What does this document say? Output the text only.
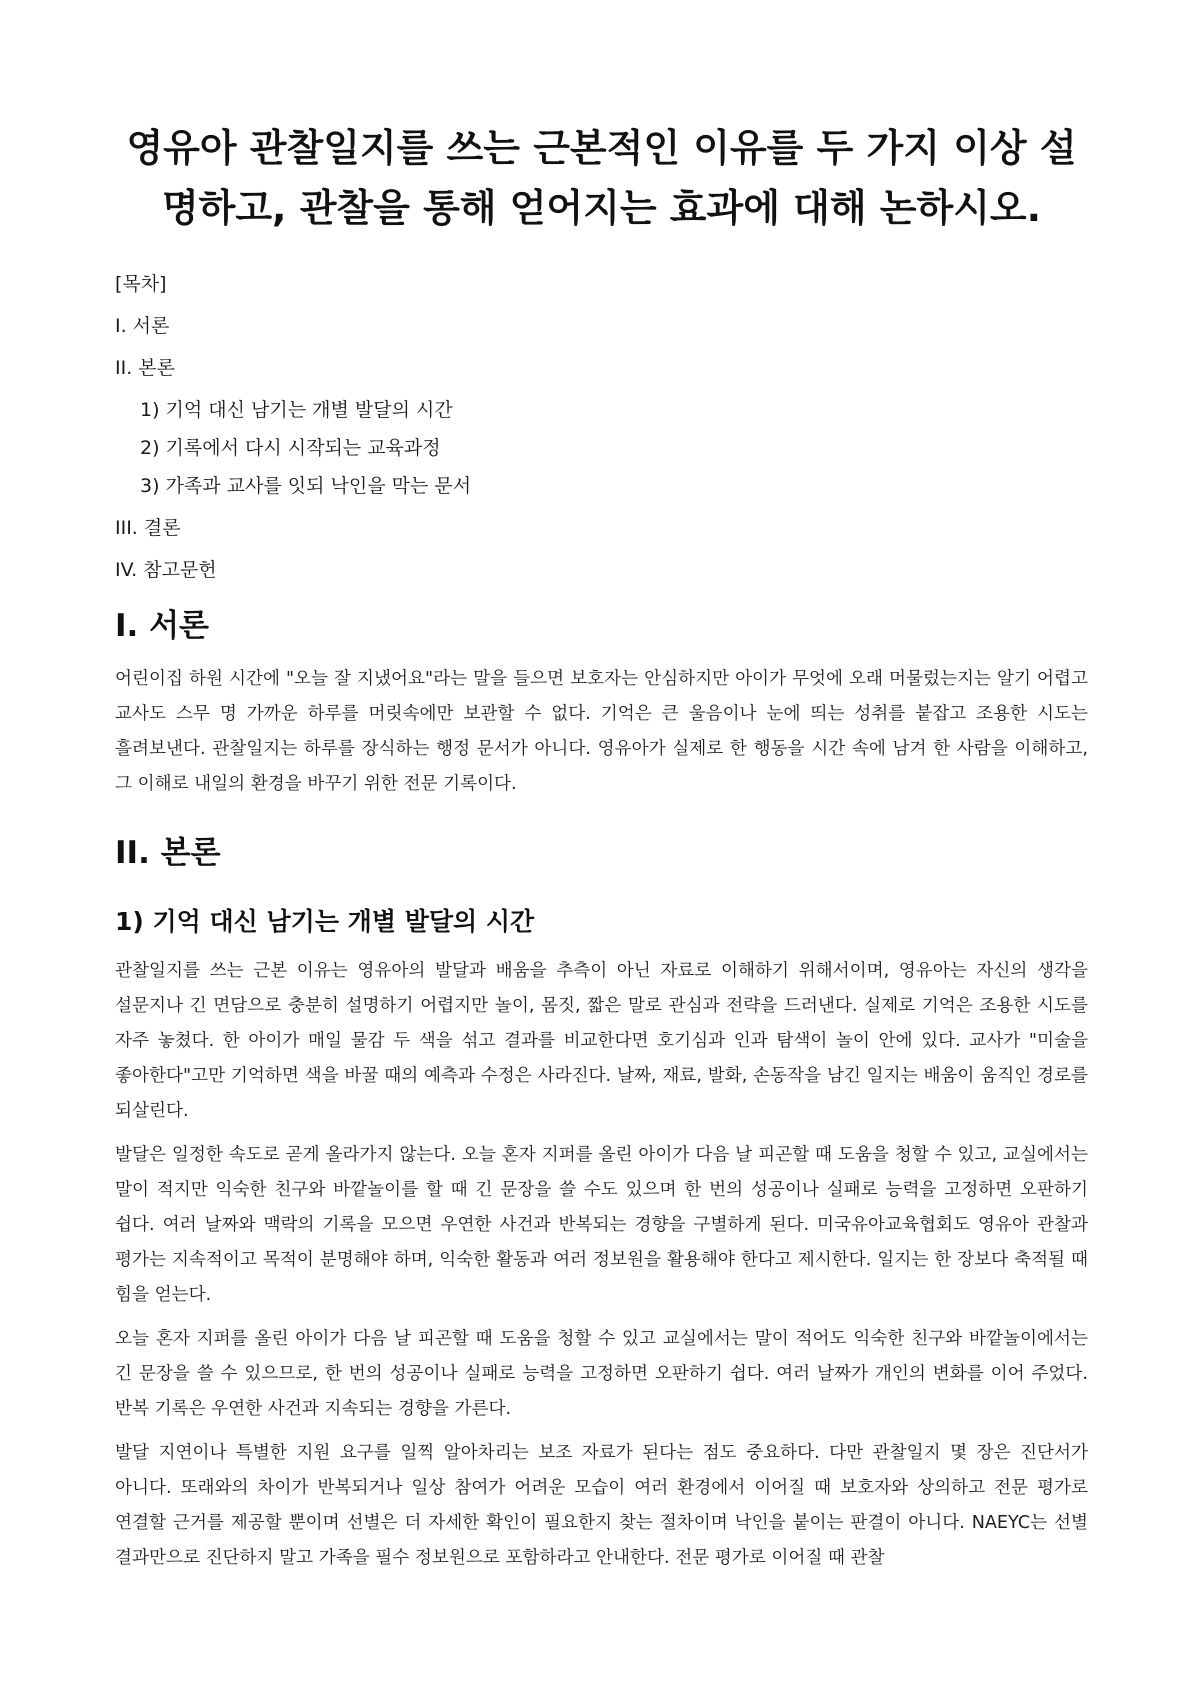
영유아 관찰일지를 쓰는 근본적인 이유를 두 가지 이상 설명하고, 관찰을 통해 얻어지는 효과에 대해 논하시오.
[목차]
I. 서론
II. 본론
1) 기억 대신 남기는 개별 발달의 시간
2) 기록에서 다시 시작되는 교육과정
3) 가족과 교사를 잇되 낙인을 막는 문서
III. 결론
IV. 참고문헌
I. 서론

어린이집 하원 시간에 "오늘 잘 지냈어요"라는 말을 들으면 보호자는 안심하지만 아이가 무엇에 오래 머물렀는지는 알기 어렵고 교사도 스무 명 가까운 하루를 머릿속에만 보관할 수 없다. 기억은 큰 울음이나 눈에 띄는 성취를 붙잡고 조용한 시도는 흘려보낸다. 관찰일지는 하루를 장식하는 행정 문서가 아니다. 영유아가 실제로 한 행동을 시간 속에 남겨 한 사람을 이해하고, 그 이해로 내일의 환경을 바꾸기 위한 전문 기록이다.

II. 본론
1) 기억 대신 남기는 개별 발달의 시간

관찰일지를 쓰는 근본 이유는 영유아의 발달과 배움을 추측이 아닌 자료로 이해하기 위해서이며, 영유아는 자신의 생각을 설문지나 긴 면담으로 충분히 설명하기 어렵지만 놀이, 몸짓, 짧은 말로 관심과 전략을 드러낸다. 실제로 기억은 조용한 시도를 자주 놓쳤다. 한 아이가 매일 물감 두 색을 섞고 결과를 비교한다면 호기심과 인과 탐색이 놀이 안에 있다. 교사가 "미술을 좋아한다"고만 기억하면 색을 바꿀 때의 예측과 수정은 사라진다. 날짜, 재료, 발화, 손동작을 남긴 일지는 배움이 움직인 경로를 되살린다.

발달은 일정한 속도로 곧게 올라가지 않는다. 오늘 혼자 지퍼를 올린 아이가 다음 날 피곤할 때 도움을 청할 수 있고, 교실에서는 말이 적지만 익숙한 친구와 바깥놀이를 할 때 긴 문장을 쓸 수도 있으며 한 번의 성공이나 실패로 능력을 고정하면 오판하기 쉽다. 여러 날짜와 맥락의 기록을 모으면 우연한 사건과 반복되는 경향을 구별하게 된다. 미국유아교육협회도 영유아 관찰과 평가는 지속적이고 목적이 분명해야 하며, 익숙한 활동과 여러 정보원을 활용해야 한다고 제시한다. 일지는 한 장보다 축적될 때 힘을 얻는다.

오늘 혼자 지퍼를 올린 아이가 다음 날 피곤할 때 도움을 청할 수 있고 교실에서는 말이 적어도 익숙한 친구와 바깥놀이에서는 긴 문장을 쓸 수 있으므로, 한 번의 성공이나 실패로 능력을 고정하면 오판하기 쉽다. 여러 날짜가 개인의 변화를 이어 주었다. 반복 기록은 우연한 사건과 지속되는 경향을 가른다.

발달 지연이나 특별한 지원 요구를 일찍 알아차리는 보조 자료가 된다는 점도 중요하다. 다만 관찰일지 몇 장은 진단서가 아니다. 또래와의 차이가 반복되거나 일상 참여가 어려운 모습이 여러 환경에서 이어질 때 보호자와 상의하고 전문 평가로 연결할 근거를 제공할 뿐이며 선별은 더 자세한 확인이 필요한지 찾는 절차이며 낙인을 붙이는 판결이 아니다. NAEYC는 선별 결과만으로 진단하지 말고 가족을 필수 정보원으로 포함하라고 안내한다. 전문 평가로 이어질 때 관찰
